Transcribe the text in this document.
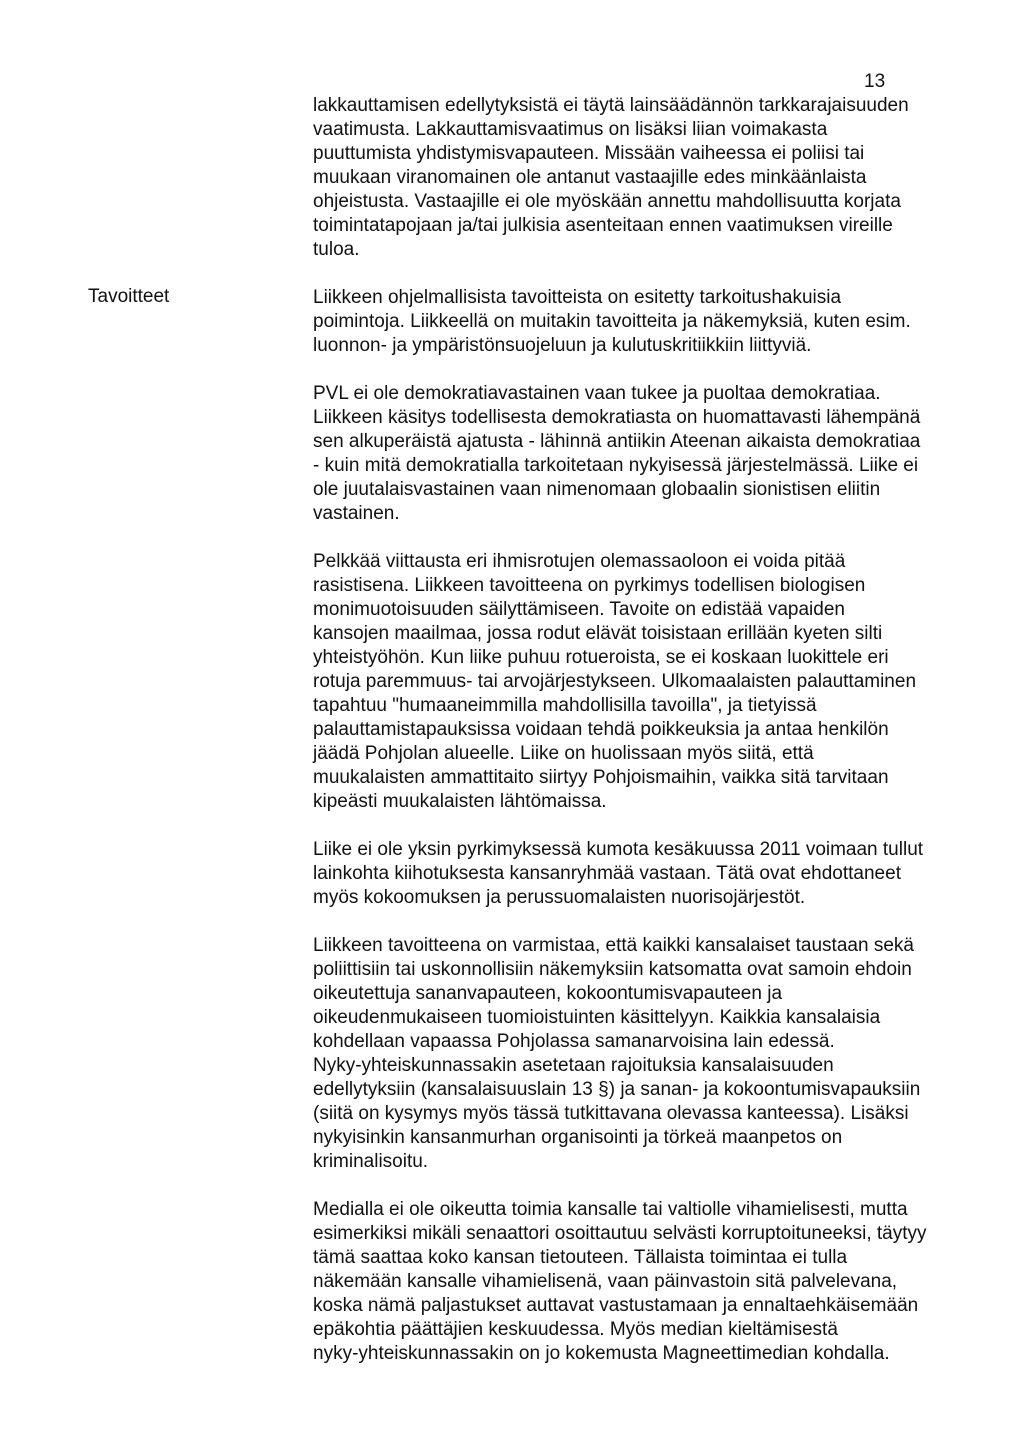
13
Tavoitteet

lakkauttamisen edellytyksistä ei täytä lainsäädännön tarkkarajaisuuden
vaatimusta. Lakkauttamisvaatimus on lisäksi liian voimakasta
puuttumista yhdistymisvapauteen. Missään vaiheessa ei poliisi tai
muukaan viranomainen ole antanut vastaajille edes minkäänlaista
ohjeistusta. Vastaajille ei ole myöskään annettu mahdollisuutta korjata
toimintatapojaan ja/tai julkisia asenteitaan ennen vaatimuksen vireille
tuloa.

Liikkeen ohjelmallisista tavoitteista on esitetty tarkoitushakuisia
poimintoja. Liikkeellä on muitakin tavoitteita ja näkemyksiä, kuten esim.
luonnon- ja ympäristönsuojeluun ja kulutuskritiikkiin liittyviä.

PVL ei ole demokratiavastainen vaan tukee ja puoltaa demokratiaa.
Liikkeen käsitys todellisesta demokratiasta on huomattavasti lähempänä
sen alkuperäistä ajatusta - lähinnä antiikin Ateenan aikaista demokratiaa
- kuin mitä demokratialla tarkoitetaan nykyisessä järjestelmässä. Liike ei
ole juutalaisvastainen vaan nimenomaan globaalin sionistisen eliitin
vastainen.

Pelkkää viittausta eri ihmisrotujen olemassaoloon ei voida pitää
rasistisena. Liikkeen tavoitteena on pyrkimys todellisen biologisen
monimuotoisuuden säilyttämiseen. Tavoite on edistää vapaiden
kansojen maailmaa, jossa rodut elävät toisistaan erillään kyeten silti
yhteistyöhön. Kun liike puhuu rotueroista, se ei koskaan luokittele eri
rotuja paremmuus- tai arvojärjestykseen. Ulkomaalaisten palauttaminen
tapahtuu "humaaneimmilla mahdollisilla tavoilla", ja tietyissä
palauttamistapauksissa voidaan tehdä poikkeuksia ja antaa henkilön
jäädä Pohjolan alueelle. Liike on huolissaan myös siitä, että
muukalaisten ammattitaito siirtyy Pohjoismaihin, vaikka sitä tarvitaan
kipeästi muukalaisten lähtömaissa.

Liike ei ole yksin pyrkimyksessä kumota kesäkuussa 2011 voimaan tullut
lainkohta kiihotuksesta kansanryhmää vastaan. Tätä ovat ehdottaneet
myös kokoomuksen ja perussuomalaisten nuorisojärjestöt.

Liikkeen tavoitteena on varmistaa, että kaikki kansalaiset taustaan sekä
poliittisiin tai uskonnollisiin näkemyksiin katsomatta ovat samoin ehdoin
oikeutettuja sananvapauteen, kokoontumisvapauteen ja
oikeudenmukaiseen tuomioistuinten käsittelyyn. Kaikkia kansalaisia
kohdellaan vapaassa Pohjolassa samanarvoisina lain edessä.
Nyky-yhteiskunnassakin asetetaan rajoituksia kansalaisuuden
edellytyksiin (kansalaisuuslain 13 §) ja sanan- ja kokoontumisvapauksiin
(siitä on kysymys myös tässä tutkittavana olevassa kanteessa). Lisäksi
nykyisinkin kansanmurhan organisointi ja törkeä maanpetos on
kriminalisoitu.

Medialla ei ole oikeutta toimia kansalle tai valtiolle vihamielisesti, mutta
esimerkiksi mikäli senaattori osoittautuu selvästi korruptoituneeksi, täytyy
tämä saattaa koko kansan tietouteen. Tällaista toimintaa ei tulla
näkemään kansalle vihamielisenä, vaan päinvastoin sitä palvelevana,
koska nämä paljastukset auttavat vastustamaan ja ennaltaehkäisemään
epäkohtia päättäjien keskuudessa. Myös median kieltämisestä
nyky-yhteiskunnassakin on jo kokemusta Magneettimedian kohdalla.
